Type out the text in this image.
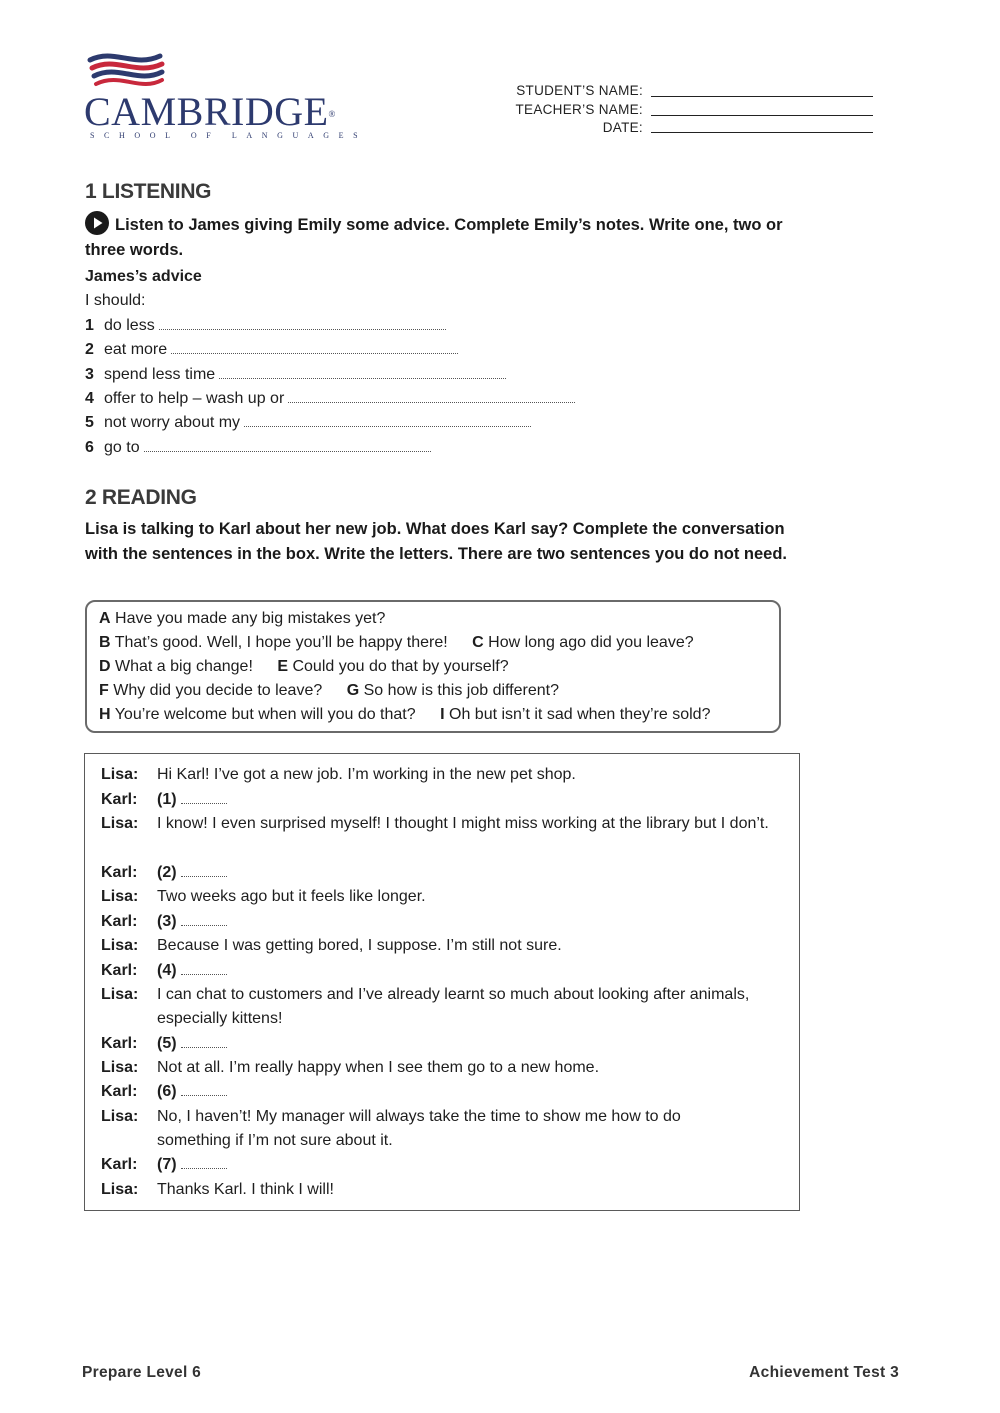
CAMBRIDGE®
SCHOOL OF LANGUAGES
STUDENT’S NAME:
TEACHER’S NAME:
DATE:
1 LISTENING
Listen to James giving Emily some advice. Complete Emily’s notes. Write one, two or three words.
James’s advice
I should:
1 do less
2 eat more
3 spend less time
4 offer to help – wash up or
5 not worry about my
6 go to
2 READING
Lisa is talking to Karl about her new job. What does Karl say? Complete the conversation with the sentences in the box. Write the letters. There are two sentences you do not need.
A Have you made any big mistakes yet?
B That’s good. Well, I hope you’ll be happy there! C How long ago did you leave?
D What a big change! E Could you do that by yourself?
F Why did you decide to leave? G So how is this job different?
H You’re welcome but when will you do that? I Oh but isn’t it sad when they’re sold?
Lisa:	Hi Karl! I’ve got a new job. I’m working in the new pet shop.
Karl:	(1)
Lisa:	I know! I even surprised myself! I thought I might miss working at the library but I don’t.
Karl:	(2)
Lisa:	Two weeks ago but it feels like longer.
Karl:	(3)
Lisa:	Because I was getting bored, I suppose. I’m still not sure.
Karl:	(4)
Lisa:	I can chat to customers and I’ve already learnt so much about looking after animals, especially kittens!
Karl:	(5)
Lisa:	Not at all. I’m really happy when I see them go to a new home.
Karl:	(6)
Lisa:	No, I haven’t! My manager will always take the time to show me how to do something if I’m not sure about it.
Karl:	(7)
Lisa:	Thanks Karl. I think I will!
Prepare Level 6	Achievement Test 3
